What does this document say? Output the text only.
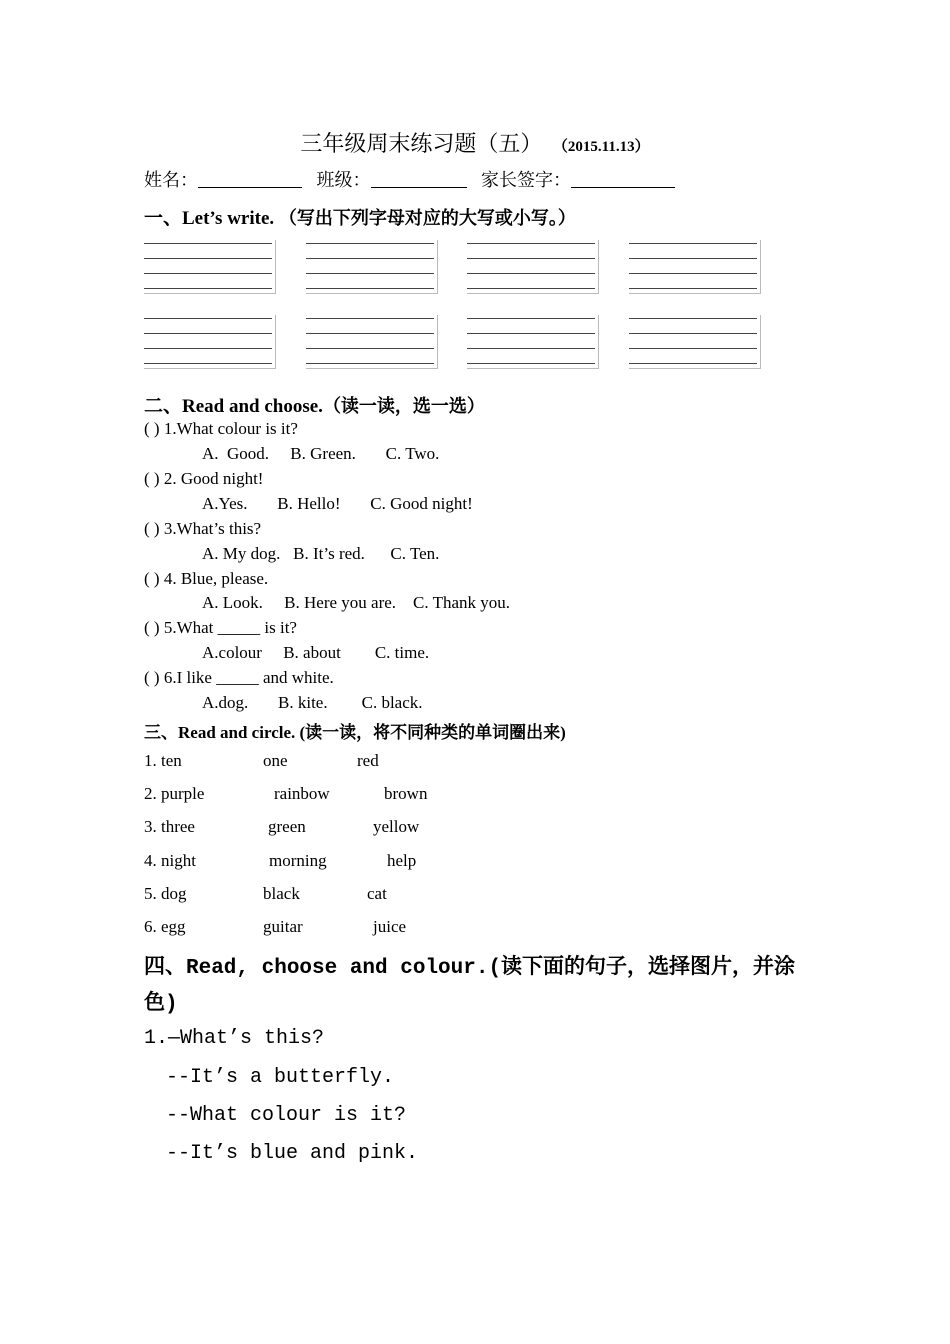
三年级周末练习题（五） （2015.11.13）
姓名：	班级：	家长签字：
一、Let’s write. （写出下列字母对应的大写或小写。）
二、Read and choose.（读一读，选一选）
( ) 1.What colour is it?
A.  Good.     B. Green.       C. Two.
( ) 2. Good night!
A.Yes.       B. Hello!       C. Good night!
( ) 3.What’s this?
A. My dog.   B. It’s red.      C. Ten.
( ) 4. Blue, please.
A. Look.     B. Here you are.    C. Thank you.
( ) 5.What _____ is it?
A.colour     B. about        C. time.
( ) 6.I like _____ and white.
A.dog.       B. kite.        C. black.
三、Read and circle. (读一读，将不同种类的单词圈出来)
1. ten	one	red
2. purple	rainbow	brown
3. three	green	yellow
4. night	morning	help
5. dog	black	cat
6. egg	guitar	juice
四、Read, choose and colour.(读下面的句子，选择图片，并涂
色)
1.—What’s this?
--It’s a butterfly.
--What colour is it?
--It’s blue and pink.
